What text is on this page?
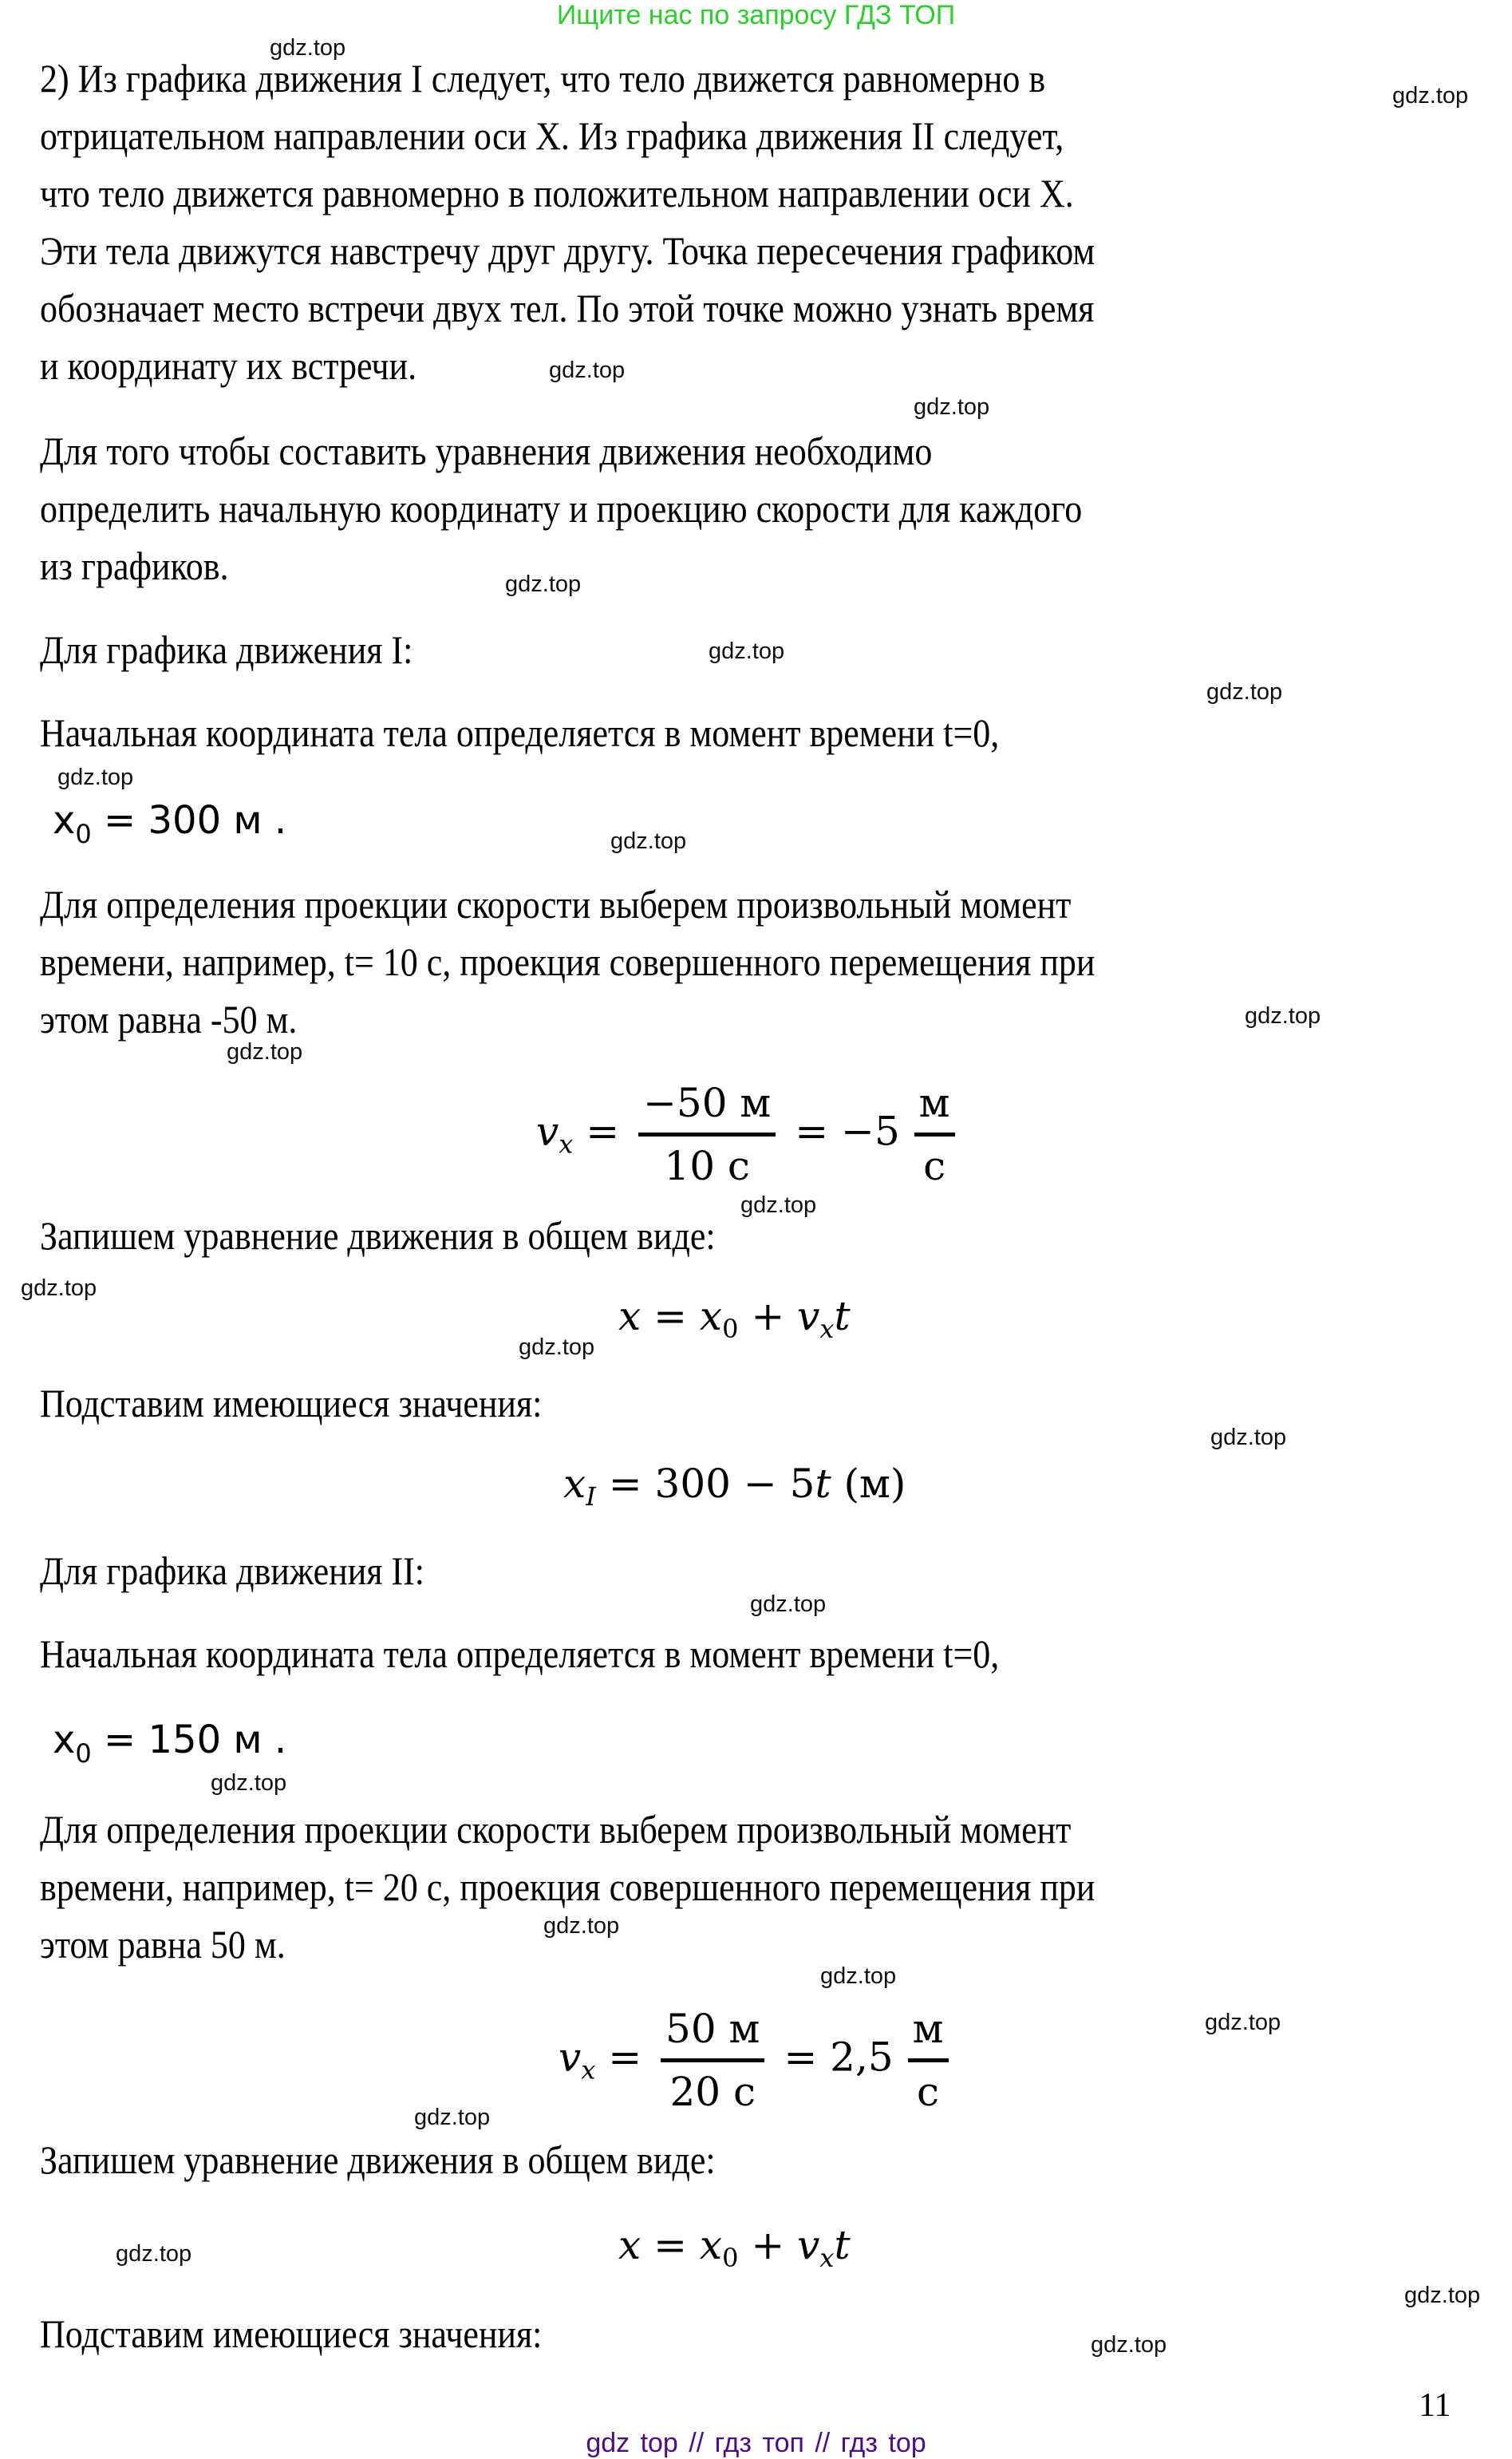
Ищите нас по запросу ГДЗ ТОП
gdz.top
gdz.top
gdz.top
gdz.top
gdz.top
gdz.top
gdz.top
gdz.top
gdz.top
gdz.top
gdz.top
gdz.top
gdz.top
gdz.top
gdz.top
gdz.top
gdz.top
gdz.top
gdz.top
gdz.top
gdz.top
gdz.top
gdz.top
gdz.top
2) Из графика движения I следует, что тело движется равномерно в
отрицательном направлении оси X. Из графика движения II следует,
что тело движется равномерно в положительном направлении оси X.
Эти тела движутся навстречу друг другу. Точка пересечения графиком
обозначает место встречи двух тел. По этой точке можно узнать время
и координату их встречи.
Для того чтобы составить уравнения движения необходимо
определить начальную координату и проекцию скорости для каждого
из графиков.
Для графика движения I:
Начальная координата тела определяется в момент времени t=0,
$x_0 = 300$ м .
Для определения проекции скорости выберем произвольный момент
времени, например, t= 10 с, проекция совершенного перемещения при
этом равна -50 м.
$v_x$ =
−50 м
10 с
= −5
м
с
Запишем уравнение движения в общем виде:
$x = x_0 + v_xt$
Подставим имеющиеся значения:
$x_I = 300 - 5t$ (м)
Для графика движения II:
Начальная координата тела определяется в момент времени t=0,
$x_0 = 150$ м .
Для определения проекции скорости выберем произвольный момент
времени, например, t= 20 с, проекция совершенного перемещения при
этом равна 50 м.
$v_x$ =
50 м
20 с
= 2,5
м
с
Запишем уравнение движения в общем виде:
$x = x_0 + v_xt$
Подставим имеющиеся значения:
11
gdz top // гдз топ // гдз top
